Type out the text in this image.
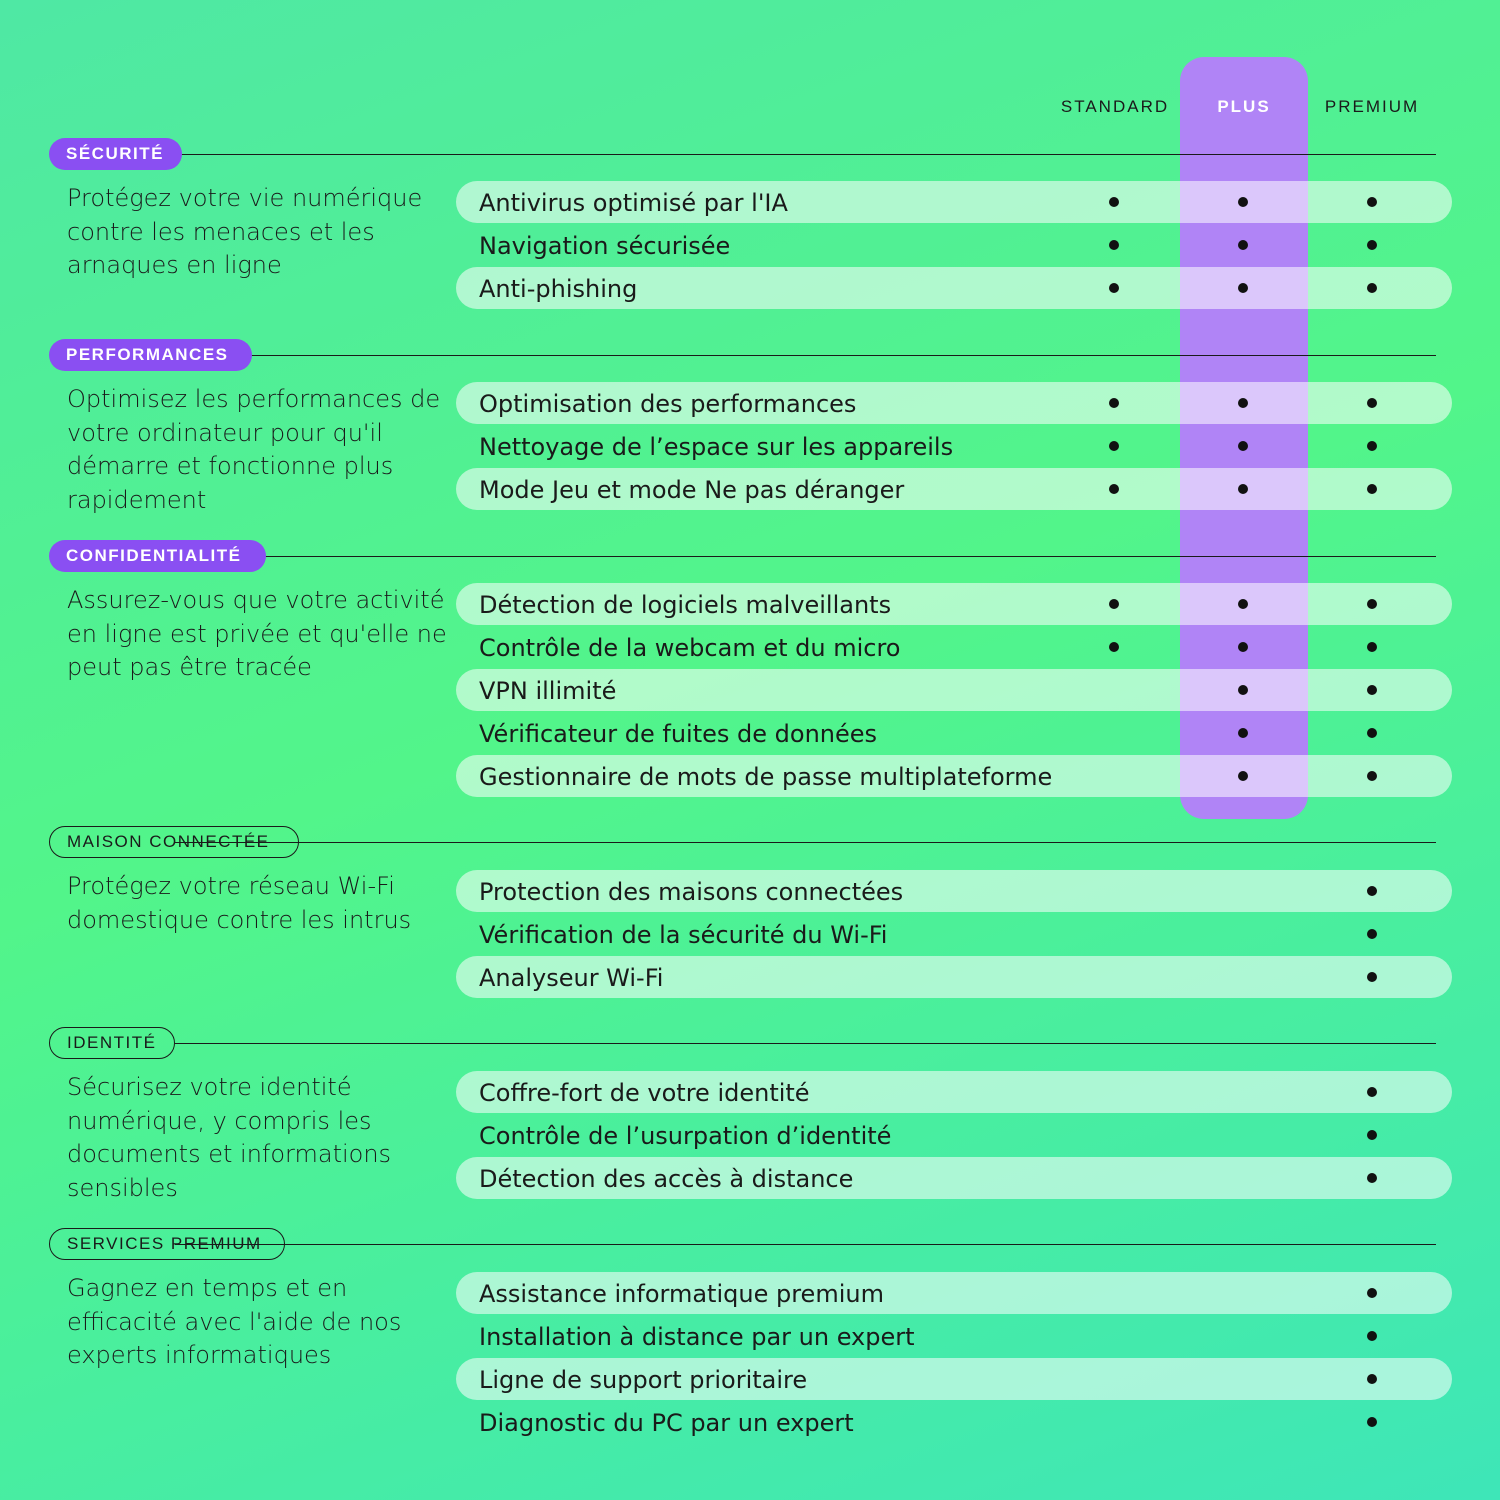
STANDARD	PLUS	PREMIUM
SÉCURITÉ
Protégez votre vie numérique contre les menaces et les arnaques en ligne
Antivirus optimisé par l'IA
Navigation sécurisée
Anti-phishing
PERFORMANCES
Optimisez les performances de votre ordinateur pour qu'il démarre et fonctionne plus rapidement
Optimisation des performances
Nettoyage de l’espace sur les appareils
Mode Jeu et mode Ne pas déranger
CONFIDENTIALITÉ
Assurez-vous que votre activité en ligne est privée et qu'elle ne peut pas être tracée
Détection de logiciels malveillants
Contrôle de la webcam et du micro
VPN illimité
Vérificateur de fuites de données
Gestionnaire de mots de passe multiplateforme
MAISON CONNECTÉE
Protégez votre réseau Wi-Fi domestique contre les intrus
Protection des maisons connectées
Vérification de la sécurité du Wi-Fi
Analyseur Wi-Fi
IDENTITÉ
Sécurisez votre identité numérique, y compris les documents et informations sensibles
Coffre-fort de votre identité
Contrôle de l’usurpation d’identité
Détection des accès à distance
SERVICES PREMIUM
Gagnez en temps et en efficacité avec l'aide de nos experts informatiques
Assistance informatique premium
Installation à distance par un expert
Ligne de support prioritaire
Diagnostic du PC par un expert
